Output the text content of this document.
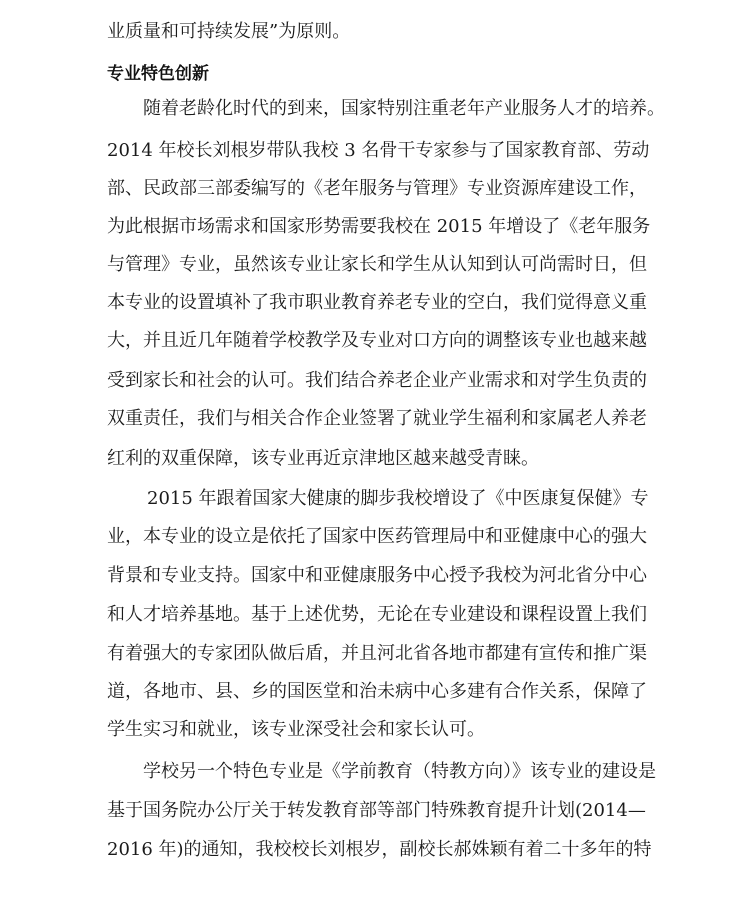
业质量和可持续发展”为原则。
专业特色创新
随着老龄化时代的到来，国家特别注重老年产业服务人才的培养。
2014 年校长刘根岁带队我校 3 名骨干专家参与了国家教育部、劳动
部、民政部三部委编写的《老年服务与管理》专业资源库建设工作，
为此根据市场需求和国家形势需要我校在 2015 年增设了《老年服务
与管理》专业，虽然该专业让家长和学生从认知到认可尚需时日，但
本专业的设置填补了我市职业教育养老专业的空白，我们觉得意义重
大，并且近几年随着学校教学及专业对口方向的调整该专业也越来越
受到家长和社会的认可。我们结合养老企业产业需求和对学生负责的
双重责任，我们与相关合作企业签署了就业学生福利和家属老人养老
红利的双重保障，该专业再近京津地区越来越受青睐。
2015 年跟着国家大健康的脚步我校增设了《中医康复保健》专
业，本专业的设立是依托了国家中医药管理局中和亚健康中心的强大
背景和专业支持。国家中和亚健康服务中心授予我校为河北省分中心
和人才培养基地。基于上述优势，无论在专业建设和课程设置上我们
有着强大的专家团队做后盾，并且河北省各地市都建有宣传和推广渠
道，各地市、县、乡的国医堂和治未病中心多建有合作关系，保障了
学生实习和就业，该专业深受社会和家长认可。
学校另一个特色专业是《学前教育（特教方向）》该专业的建设是
基于国务院办公厅关于转发教育部等部门特殊教育提升计划(2014—
2016 年)的通知，我校校长刘根岁，副校长郝姝颖有着二十多年的特
